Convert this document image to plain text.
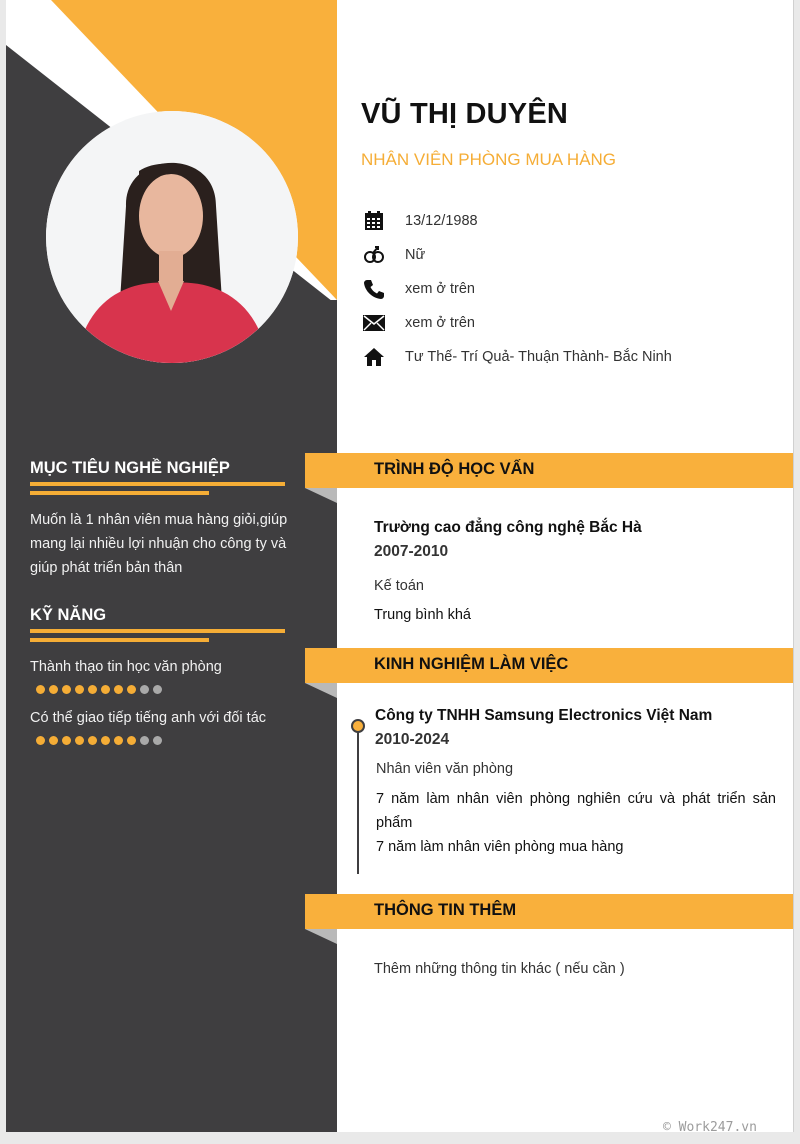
VŨ THỊ DUYÊN
NHÂN VIÊN PHÒNG MUA HÀNG
13/12/1988
Nữ
xem ở trên
xem ở trên
Tư Thế- Trí Quả- Thuận Thành- Bắc Ninh
MỤC TIÊU NGHỀ NGHIỆP
Muốn là 1 nhân viên mua hàng giỏi,giúp mang lại nhiều lợi nhuận cho công ty và giúp phát triển bản thân
KỸ NĂNG
Thành thạo tin học văn phòng
Có thể giao tiếp tiếng anh với đối tác
TRÌNH ĐỘ HỌC VẤN
Trường cao đẳng công nghệ Bắc Hà
2007-2010
Kế toán
Trung bình khá
KINH NGHIỆM LÀM VIỆC
Công ty TNHH Samsung Electronics Việt Nam
2010-2024
Nhân viên văn phòng
7 năm làm nhân viên phòng nghiên cứu và phát triển sản phẩm
7 năm làm nhân viên phòng mua hàng
THÔNG TIN THÊM
Thêm những thông tin khác ( nếu cần )
© Work247.vn
